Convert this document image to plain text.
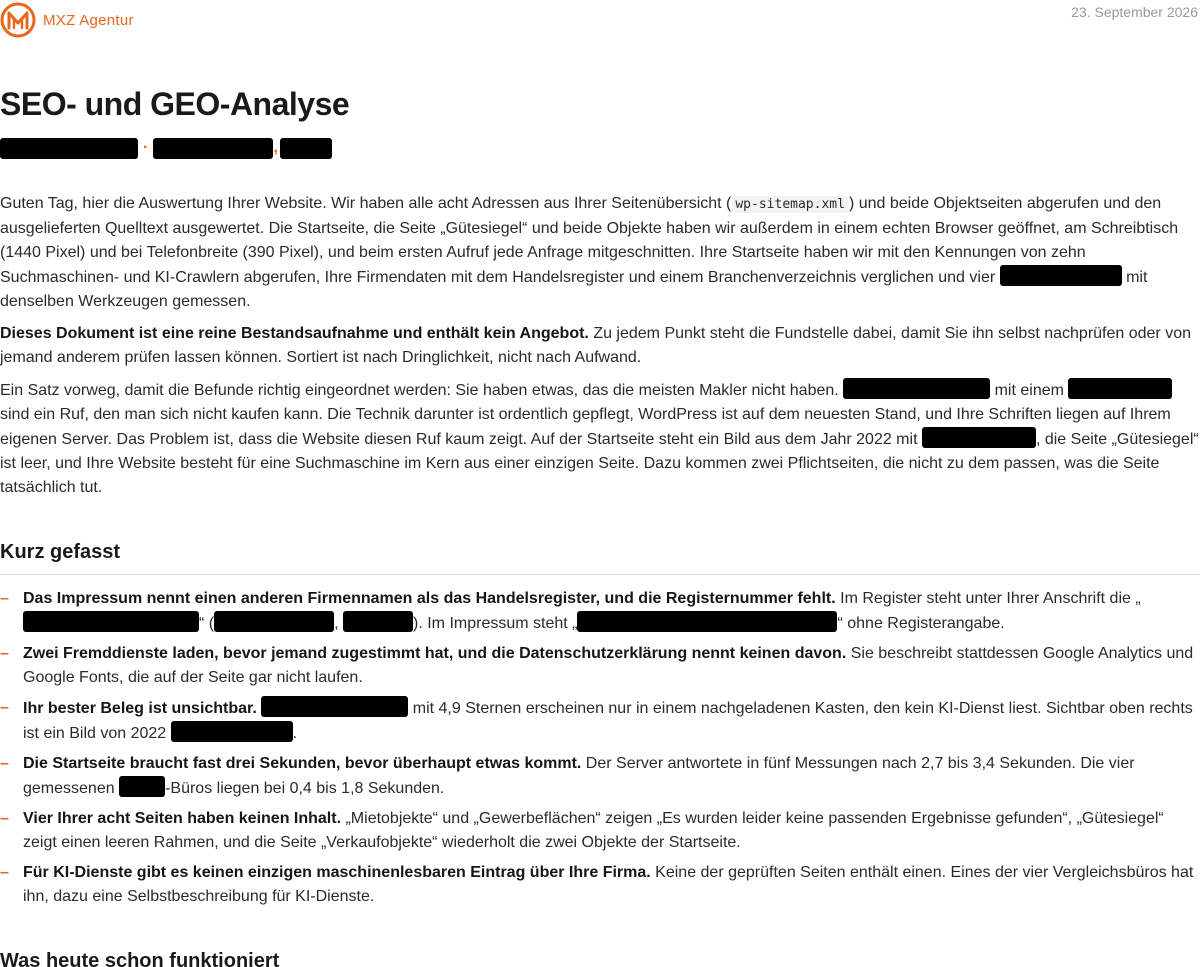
MXZ Agentur	23. September 2026
SEO- und GEO-Analyse
·	,

Guten Tag, hier die Auswertung Ihrer Website. Wir haben alle acht Adressen aus Ihrer Seitenübersicht ( wp-sitemap.xml ) und beide Objektseiten abgerufen und den ausgelieferten Quelltext ausgewertet. Die Startseite, die Seite „Gütesiegel“ und beide Objekte haben wir außerdem in einem echten Browser geöffnet, am Schreibtisch (1440 Pixel) und bei Telefonbreite (390 Pixel), und beim ersten Aufruf jede Anfrage mitgeschnitten. Ihre Startseite haben wir mit den Kennungen von zehn Suchmaschinen- und KI-Crawlern abgerufen, Ihre Firmendaten mit dem Handelsregister und einem Branchenverzeichnis verglichen und vier	mit denselben Werkzeugen gemessen.

Dieses Dokument ist eine reine Bestandsaufnahme und enthält kein Angebot. Zu jedem Punkt steht die Fundstelle dabei, damit Sie ihn selbst nachprüfen oder von jemand anderem prüfen lassen können. Sortiert ist nach Dringlichkeit, nicht nach Aufwand.

Ein Satz vorweg, damit die Befunde richtig eingeordnet werden: Sie haben etwas, das die meisten Makler nicht haben.	mit einem  sind ein Ruf, den man sich nicht kaufen kann. Die Technik darunter ist ordentlich gepflegt, WordPress ist auf dem neuesten Stand, und Ihre Schriften liegen auf Ihrem eigenen Server. Das Problem ist, dass die Website diesen Ruf kaum zeigt. Auf der Startseite steht ein Bild aus dem Jahr 2022 mit	, die Seite „Gütesiegel“ ist leer, und Ihre Website besteht für eine Suchmaschine im Kern aus einer einzigen Seite. Dazu kommen zwei Pflichtseiten, die nicht zu dem passen, was die Seite tatsächlich tut.

Kurz gefasst
– Das Impressum nennt einen anderen Firmennamen als das Handelsregister, und die Registernummer fehlt. Im Register steht unter Ihrer Anschrift die „“ (	,	). Im Impressum steht „	“ ohne Registerangabe.
– Zwei Fremddienste laden, bevor jemand zugestimmt hat, und die Datenschutzerklärung nennt keinen davon. Sie beschreibt stattdessen Google Analytics und Google Fonts, die auf der Seite gar nicht laufen.
– Ihr bester Beleg ist unsichtbar.	mit 4,9 Sternen erscheinen nur in einem nachgeladenen Kasten, den kein KI-Dienst liest. Sichtbar oben rechts ist ein Bild von 2022	.
– Die Startseite braucht fast drei Sekunden, bevor überhaupt etwas kommt. Der Server antwortete in fünf Messungen nach 2,7 bis 3,4 Sekunden. Die vier gemessenen	-Büros liegen bei 0,4 bis 1,8 Sekunden.
– Vier Ihrer acht Seiten haben keinen Inhalt. „Mietobjekte“ und „Gewerbeflächen“ zeigen „Es wurden leider keine passenden Ergebnisse gefunden“, „Gütesiegel“ zeigt einen leeren Rahmen, und die Seite „Verkaufobjekte“ wiederholt die zwei Objekte der Startseite.
– Für KI-Dienste gibt es keinen einzigen maschinenlesbaren Eintrag über Ihre Firma. Keine der geprüften Seiten enthält einen. Eines der vier Vergleichsbüros hat ihn, dazu eine Selbstbeschreibung für KI-Dienste.
Was heute schon funktioniert
